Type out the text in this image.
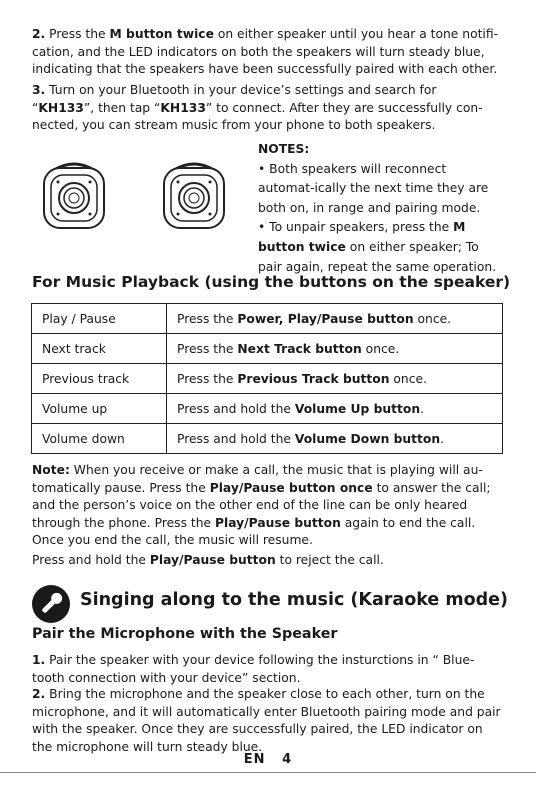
2. Press the M button twice on either speaker until you hear a tone notifi-cation, and the LED indicators on both the speakers will turn steady blue, indicating that the speakers have been successfully paired with each other.
3. Turn on your Bluetooth in your device’s settings and search for “KH133”, then tap “KH133” to connect. After they are successfully con-nected, you can stream music from your phone to both speakers.
NOTES:
• Both speakers will reconnect automat-ically the next time they are both on, in range and pairing mode.
• To unpair speakers, press the M button twice on either speaker; To pair again, repeat the same operation.
For Music Playback (using the buttons on the speaker)
Play / Pause	Press the Power, Play/Pause button once.
Next track	Press the Next Track button once.
Previous track	Press the Previous Track button once.
Volume up	Press and hold the Volume Up button.
Volume down	Press and hold the Volume Down button.
Note: When you receive or make a call, the music that is playing will au-tomatically pause. Press the Play/Pause button once to answer the call; and the person’s voice on the other end of the line can be only heared through the phone. Press the Play/Pause button again to end the call. Once you end the call, the music will resume.
Press and hold the Play/Pause button to reject the call.
Singing along to the music (Karaoke mode)
Pair the Microphone with the Speaker
1. Pair the speaker with your device following the insturctions in “ Blue-tooth connection with your device” section.
2. Bring the microphone and the speaker close to each other, turn on the microphone, and it will automatically enter Bluetooth pairing mode and pair with the speaker. Once they are successfully paired, the LED indicator on the microphone will turn steady blue.
EN 4
